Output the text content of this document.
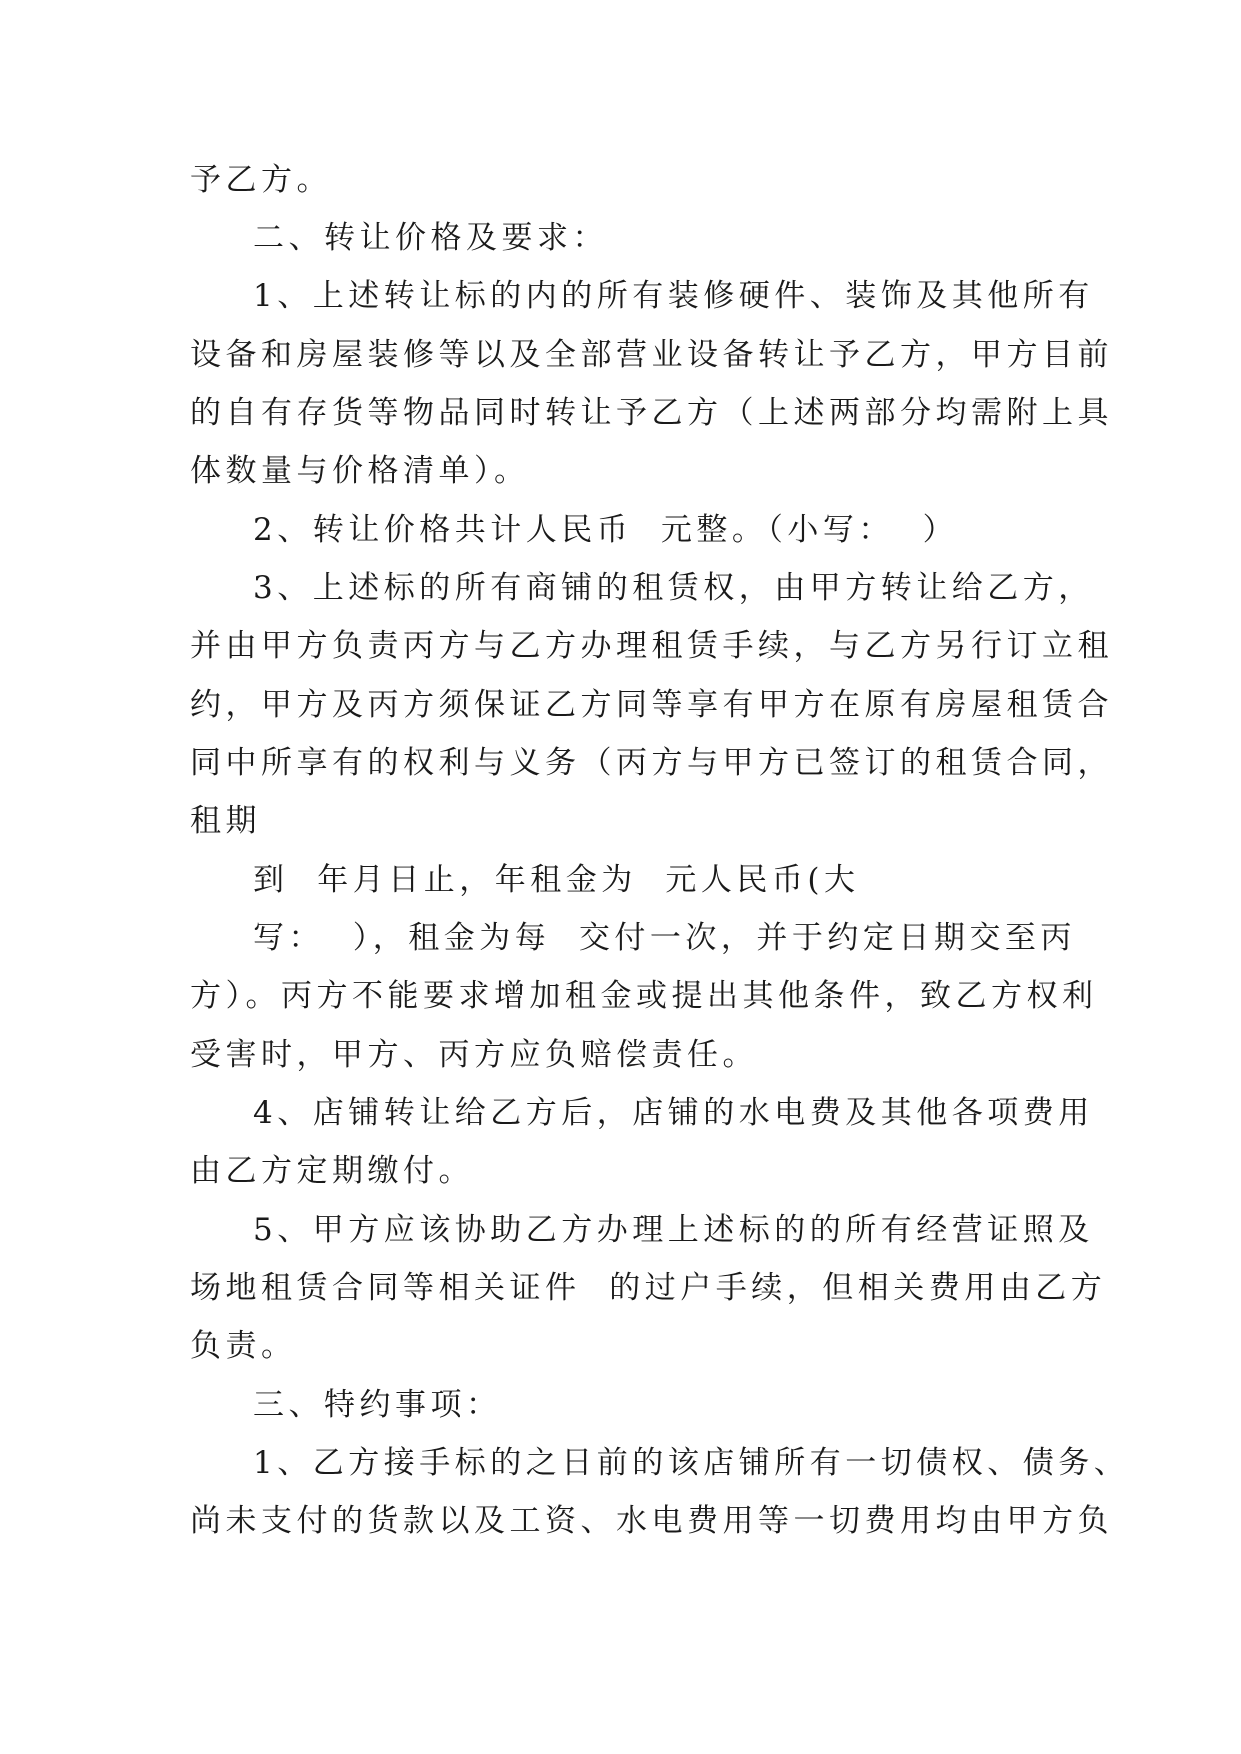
予乙方。
二、转让价格及要求：
1、上述转让标的内的所有装修硬件、装饰及其他所有
设备和房屋装修等以及全部营业设备转让予乙方，甲方目前
的自有存货等物品同时转让予乙方（上述两部分均需附上具
体数量与价格清单）。
2、转让价格共计人民币  元整。（小写：  ）
3、上述标的所有商铺的租赁权，由甲方转让给乙方，
并由甲方负责丙方与乙方办理租赁手续，与乙方另行订立租
约，甲方及丙方须保证乙方同等享有甲方在原有房屋租赁合
同中所享有的权利与义务（丙方与甲方已签订的租赁合同，
租期
到  年月日止，年租金为  元人民币(大
写：  ），租金为每  交付一次，并于约定日期交至丙
方）。丙方不能要求增加租金或提出其他条件，致乙方权利
受害时，甲方、丙方应负赔偿责任。
4、店铺转让给乙方后，店铺的水电费及其他各项费用
由乙方定期缴付。
5、甲方应该协助乙方办理上述标的的所有经营证照及
场地租赁合同等相关证件  的过户手续，但相关费用由乙方
负责。
三、特约事项：
1、乙方接手标的之日前的该店铺所有一切债权、债务、
尚未支付的货款以及工资、水电费用等一切费用均由甲方负
